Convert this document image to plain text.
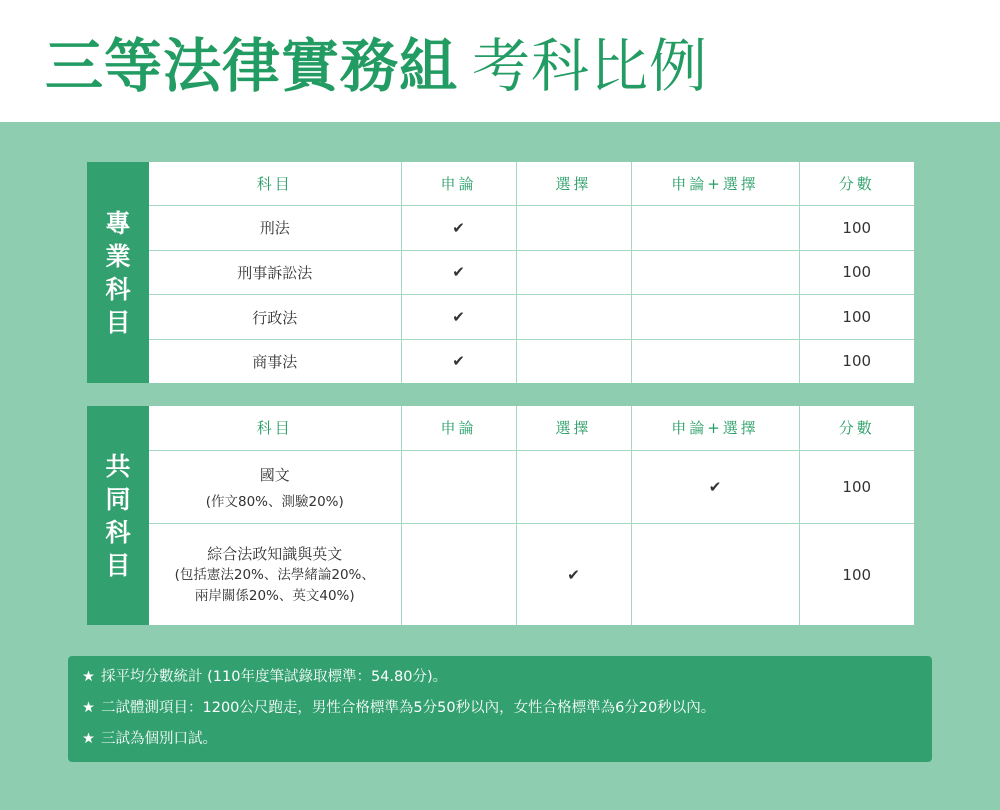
三等法律實務組 考科比例
專
業
科
目
科目	申論	選擇	申論+選擇	分數
刑法	✔			100
刑事訴訟法	✔			100
行政法	✔			100
商事法	✔			100
共
同
科
目
科目	申論	選擇	申論+選擇	分數
國文
(作文80%、測驗20%)			✔	100

綜合法政知識與英文
(包括憲法20%、法學緒論20%、
兩岸關係20%、英文40%)		✔		100
★ 採平均分數統計 (110年度筆試錄取標準：54.80分)。
★ 二試體測項目：1200公尺跑走，男性合格標準為5分50秒以內，女性合格標準為6分20秒以內。
★ 三試為個別口試。
